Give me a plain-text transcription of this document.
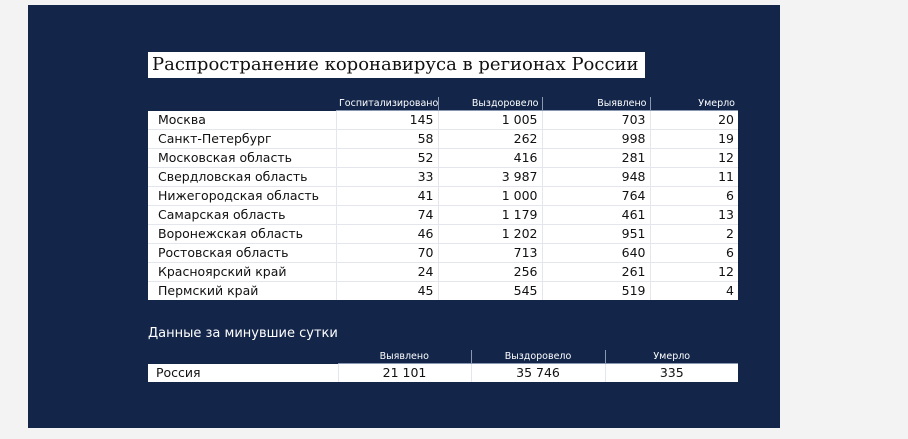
Распространение коронавируса в регионах России
	Госпитализировано	Выздоровело	Выявлено	Умерло
Москва	145	1 005	703	20
Санкт-Петербург	58	262	998	19
Московская область	52	416	281	12
Свердловская область	33	3 987	948	11
Нижегородская область	41	1 000	764	6
Самарская область	74	1 179	461	13
Воронежская область	46	1 202	951	2
Ростовская область	70	713	640	6
Красноярский край	24	256	261	12
Пермский край	45	545	519	4
Данные за минувшие сутки
	Выявлено	Выздоровело	Умерло
Россия	21 101	35 746	335
